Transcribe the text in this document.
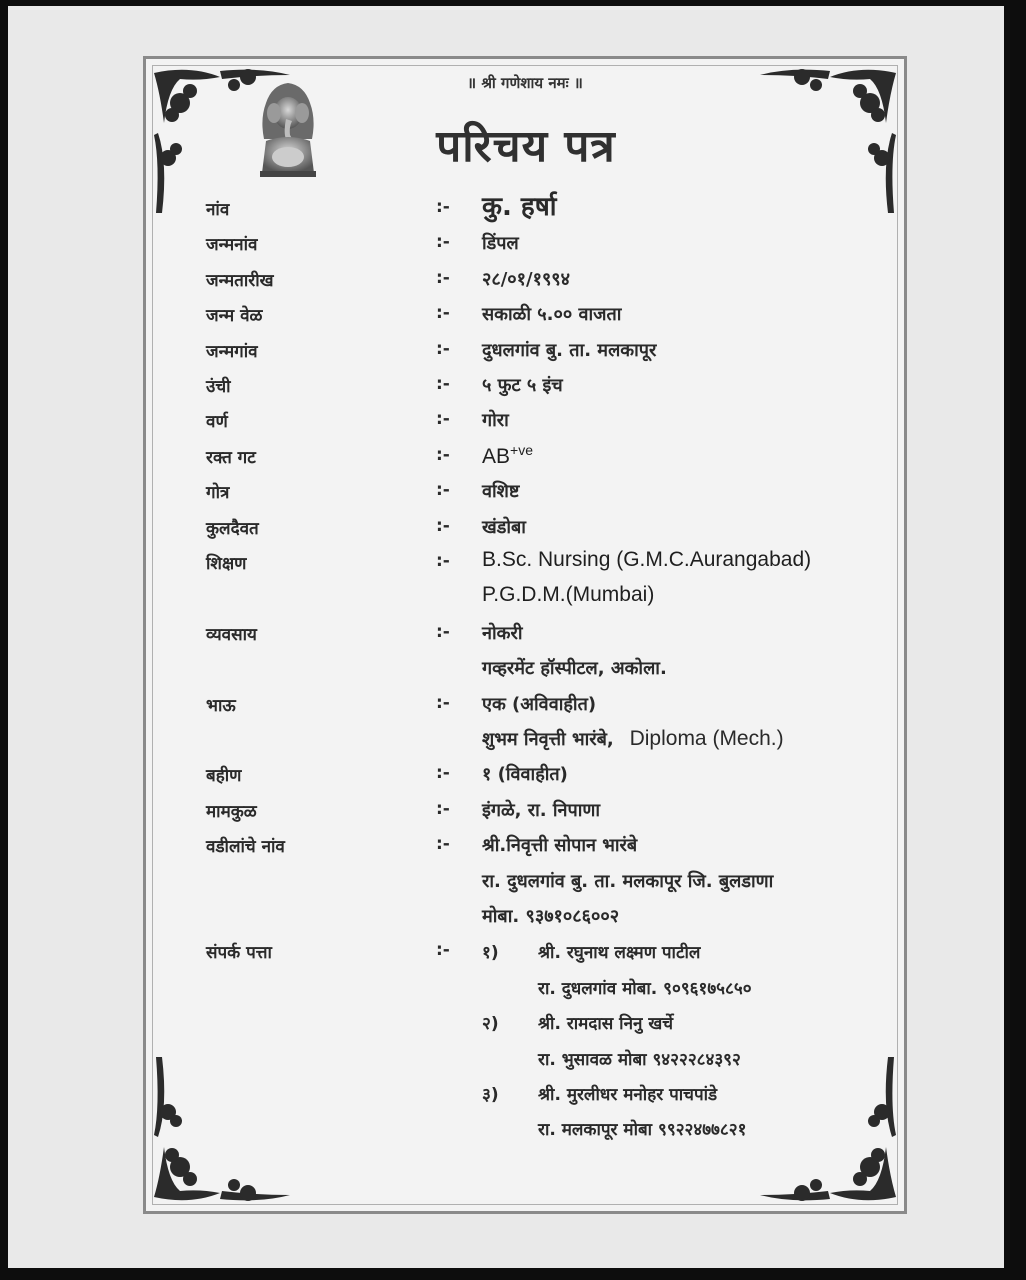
॥ श्री गणेशाय नमः ॥
परिचय पत्र
नांव	:- कु. हर्षा
जन्मनांव	:- डिंपल
जन्मतारीख	:- २८/०१/१९९४
जन्म वेळ	:- सकाळी ५.०० वाजता
जन्मगांव	:- दुधलगांव बु. ता. मलकापूर
उंची	:- ५ फुट ५ इंच
वर्ण	:- गोरा
रक्त गट	:- $AB^{+ve}$
गोत्र	:- वशिष्ट
कुलदैवत	:- खंडोबा
शिक्षण	:- B.Sc. Nursing (G.M.C.Aurangabad)
P.G.D.M.(Mumbai)
व्यवसाय	:- नोकरी
गव्हरमेंट हॉस्पीटल, अकोला.
भाऊ	:- एक (अविवाहीत)
शुभम निवृत्ती भारंबे, Diploma (Mech.)
बहीण	:- १ (विवाहीत)
मामकुळ	:- इंगळे, रा. निपाणा
वडीलांचे नांव	:- श्री.निवृत्ती सोपान भारंबे
रा. दुधलगांव बु. ता. मलकापूर जि. बुलडाणा
मोबा. ९३७१०८६००२
संपर्क पत्ता	:- १) श्री. रघुनाथ लक्ष्मण पाटील
रा. दुधलगांव मोबा. ९०९६१७५८५०
२) श्री. रामदास निनु खर्चे
रा. भुसावळ मोबा ९४२२२८४३९२
३) श्री. मुरलीधर मनोहर पाचपांडे
रा. मलकापूर मोबा ९९२२४७७८२१
